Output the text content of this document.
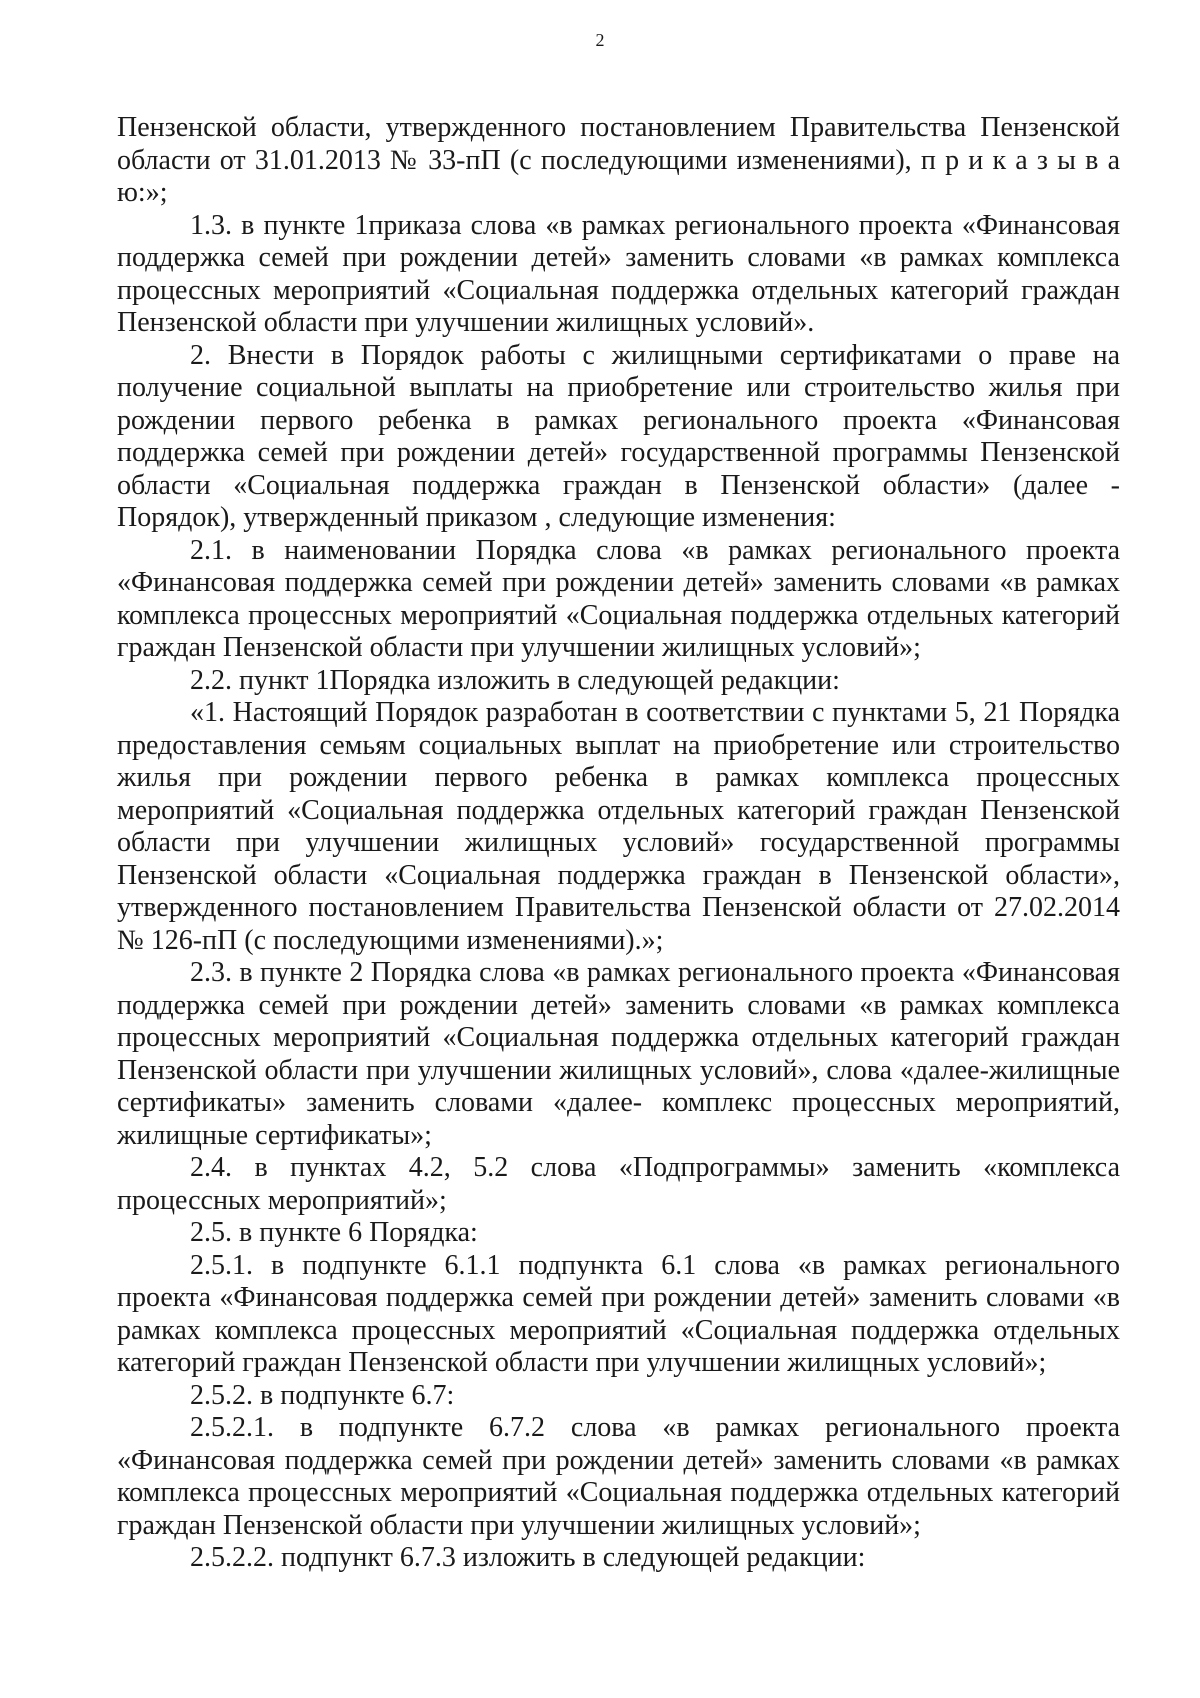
2

Пензенской области, утвержденного постановлением Правительства Пензенской области от 31.01.2013 № 33-пП (с последующими изменениями), п р и к а з ы в а ю:»;

1.3. в пункте 1приказа слова «в рамках регионального проекта «Финансовая поддержка семей при рождении детей» заменить словами «в рамках комплекса процессных мероприятий «Социальная поддержка отдельных категорий граждан Пензенской области при улучшении жилищных условий».

2. Внести в Порядок работы с жилищными сертификатами о праве на получение социальной выплаты на приобретение или строительство жилья при рождении первого ребенка в рамках регионального проекта «Финансовая поддержка семей при рождении детей» государственной программы Пензенской области «Социальная поддержка граждан в Пензенской области» (далее - Порядок), утвержденный приказом , следующие изменения:

2.1. в наименовании Порядка слова «в рамках регионального проекта «Финансовая поддержка семей при рождении детей» заменить словами «в рамках комплекса процессных мероприятий «Социальная поддержка отдельных категорий граждан Пензенской области при улучшении жилищных условий»;

2.2. пункт 1Порядка изложить в следующей редакции:

«1. Настоящий Порядок разработан в соответствии с пунктами 5, 21 Порядка предоставления семьям социальных выплат на приобретение или строительство жилья при рождении первого ребенка в рамках комплекса процессных мероприятий «Социальная поддержка отдельных категорий граждан Пензенской области при улучшении жилищных условий» государственной программы Пензенской области «Социальная поддержка граждан в Пензенской области», утвержденного постановлением Правительства Пензенской области от 27.02.2014 № 126-пП (с последующими изменениями).»;

2.3. в пункте 2 Порядка слова «в рамках регионального проекта «Финансовая поддержка семей при рождении детей» заменить словами «в рамках комплекса процессных мероприятий «Социальная поддержка отдельных категорий граждан Пензенской области при улучшении жилищных условий», слова «далее-жилищные сертификаты» заменить словами «далее- комплекс процессных мероприятий, жилищные сертификаты»;

2.4. в пунктах 4.2, 5.2 слова «Подпрограммы» заменить «комплекса процессных мероприятий»;

2.5. в пункте 6 Порядка:

2.5.1. в подпункте 6.1.1 подпункта 6.1 слова «в рамках регионального проекта «Финансовая поддержка семей при рождении детей» заменить словами «в рамках комплекса процессных мероприятий «Социальная поддержка отдельных категорий граждан Пензенской области при улучшении жилищных условий»;

2.5.2. в подпункте 6.7:

2.5.2.1. в подпункте 6.7.2 слова «в рамках регионального проекта «Финансовая поддержка семей при рождении детей» заменить словами «в рамках комплекса процессных мероприятий «Социальная поддержка отдельных категорий граждан Пензенской области при улучшении жилищных условий»;

2.5.2.2. подпункт 6.7.3 изложить в следующей редакции:
